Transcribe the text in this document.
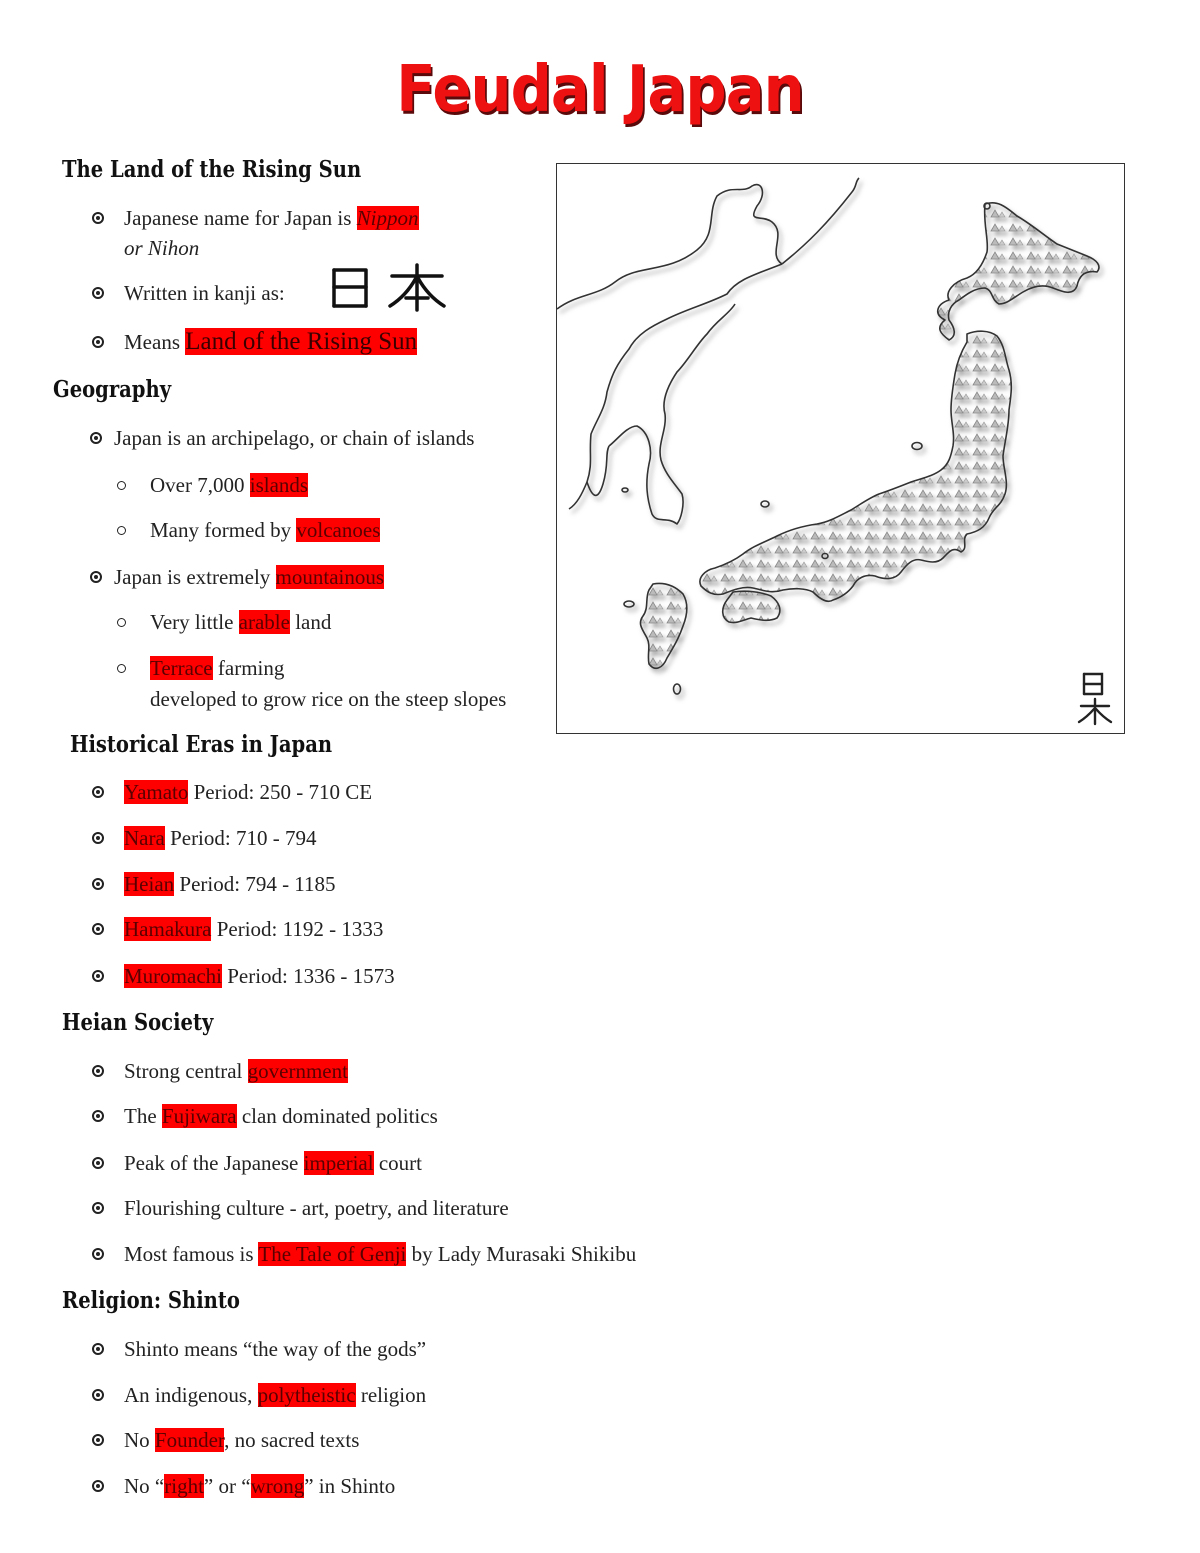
Feudal Japan
The Land of the Rising Sun
Japanese name for Japan is Nippon
or Nihon
Written in kanji as:
Means Land of the Rising Sun
Geography
Japan is an archipelago, or chain of islands
Over 7,000 islands
Many formed by volcanoes
Japan is extremely mountainous
Very little arable land
Terrace farming
developed to grow rice on the steep slopes
Historical Eras in Japan
Yamato Period: 250 - 710 CE
Nara Period: 710 - 794
Heian Period: 794 - 1185
Hamakura Period: 1192 - 1333
Muromachi Period: 1336 - 1573
Heian Society
Strong central government
The Fujiwara clan dominated politics
Peak of the Japanese imperial court
Flourishing culture - art, poetry, and literature
Most famous is The Tale of Genji by Lady Murasaki Shikibu
Religion: Shinto
Shinto means “the way of the gods”
An indigenous, polytheistic religion
No Founder, no sacred texts
No “right” or “wrong” in Shinto
